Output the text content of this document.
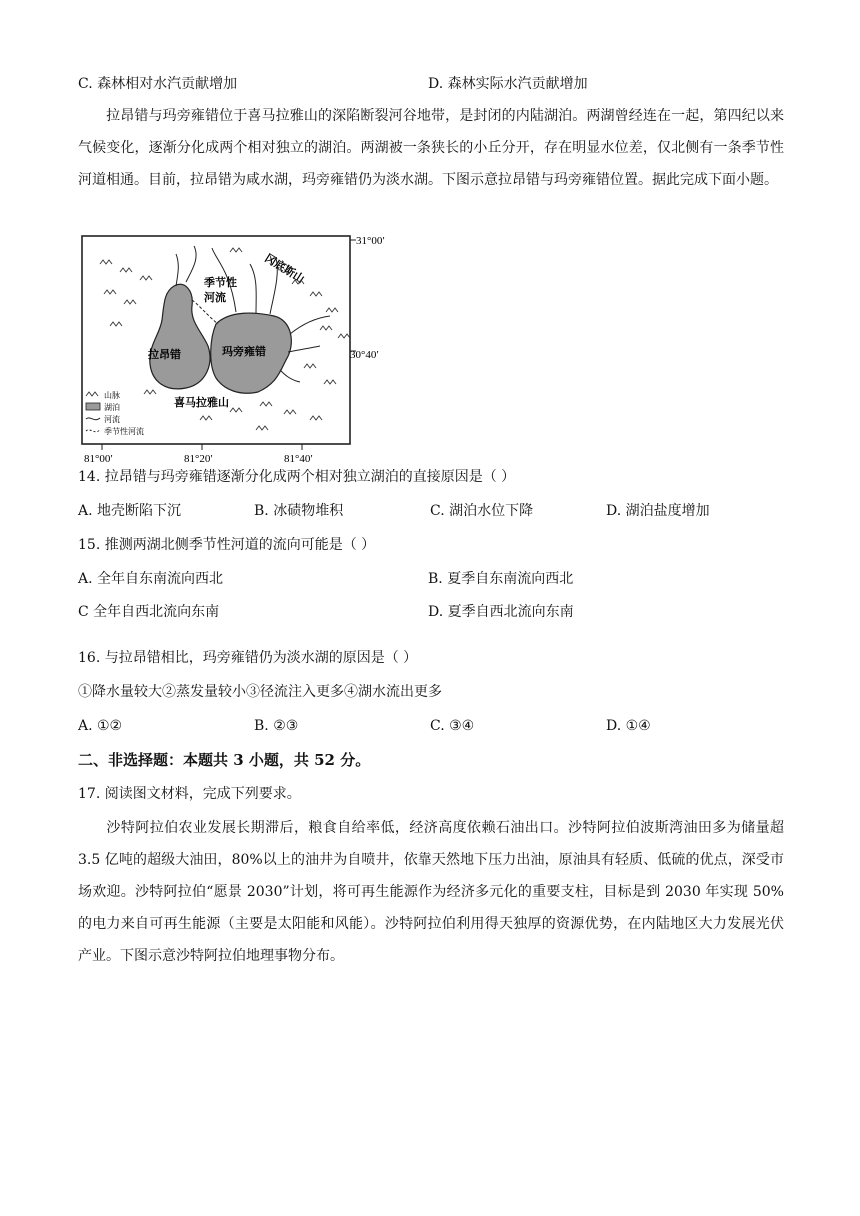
C. 森林相对水汽贡献增加	D. 森林实际水汽贡献增加
拉昂错与玛旁雍错位于喜马拉雅山的深陷断裂河谷地带，是封闭的内陆湖泊。两湖曾经连在一起，第四纪以来气候变化，逐渐分化成两个相对独立的湖泊。两湖被一条狭长的小丘分开，存在明显水位差，仅北侧有一条季节性河道相通。目前，拉昂错为咸水湖，玛旁雍错仍为淡水湖。下图示意拉昂错与玛旁雍错位置。据此完成下面小题。
31°00′
30°40′
81°00′	81°20′	81°40′
拉昂错	玛旁雍错
季节性
河流
冈底斯山
喜马拉雅山
山脉
湖泊
河流
季节性河流
14. 拉昂错与玛旁雍错逐渐分化成两个相对独立湖泊的直接原因是（ ）
A. 地壳断陷下沉	B. 冰碛物堆积	C. 湖泊水位下降	D. 湖泊盐度增加
15. 推测两湖北侧季节性河道的流向可能是（ ）
A. 全年自东南流向西北	B. 夏季自东南流向西北
C 全年自西北流向东南	D. 夏季自西北流向东南
16. 与拉昂错相比，玛旁雍错仍为淡水湖的原因是（ ）
①降水量较大②蒸发量较小③径流注入更多④湖水流出更多
A. ①②	B. ②③	C. ③④	D. ①④
二、非选择题：本题共 3 小题，共 52 分。
17. 阅读图文材料，完成下列要求。
沙特阿拉伯农业发展长期滞后，粮食自给率低，经济高度依赖石油出口。沙特阿拉伯波斯湾油田多为储量超 3.5 亿吨的超级大油田，80%以上的油井为自喷井，依靠天然地下压力出油，原油具有轻质、低硫的优点，深受市场欢迎。沙特阿拉伯“愿景 2030”计划，将可再生能源作为经济多元化的重要支柱，目标是到 2030 年实现 50%的电力来自可再生能源（主要是太阳能和风能）。沙特阿拉伯利用得天独厚的资源优势，在内陆地区大力发展光伏产业。下图示意沙特阿拉伯地理事物分布。
